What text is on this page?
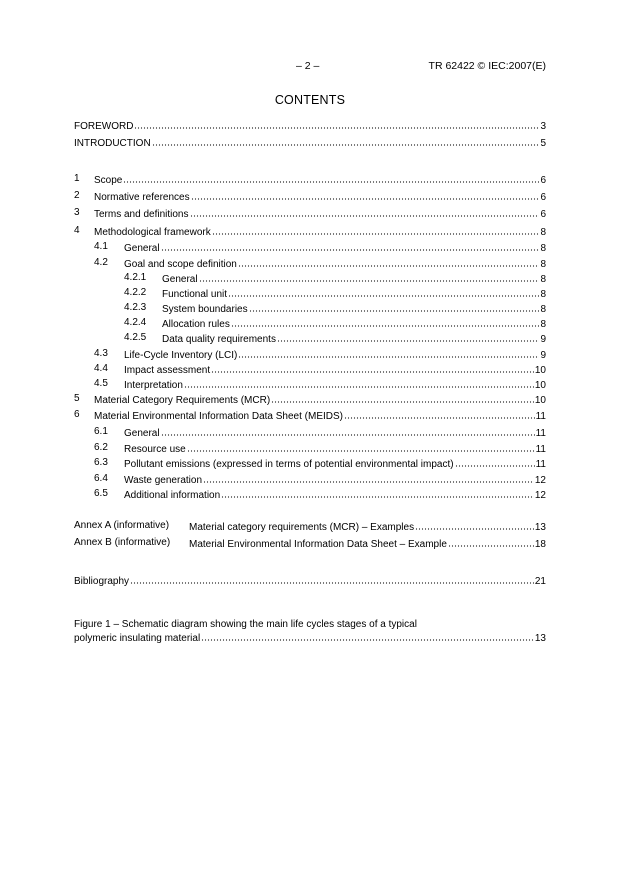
– 2 –	TR 62422 © IEC:2007(E)
CONTENTS
FOREWORD	3
INTRODUCTION	5
1 Scope	6
2 Normative references	6
3 Terms and definitions	6
4 Methodological framework	8
4.1 General	8
4.2 Goal and scope definition	8
4.2.1 General	8
4.2.2 Functional unit	8
4.2.3 System boundaries	8
4.2.4 Allocation rules	8
4.2.5 Data quality requirements	9
4.3 Life-Cycle Inventory (LCI)	9
4.4 Impact assessment	10
4.5 Interpretation	10
5 Material Category Requirements (MCR)	10
6 Material Environmental Information Data Sheet (MEIDS)	11
6.1 General	11
6.2 Resource use	11
6.3 Pollutant emissions (expressed in terms of potential environmental impact)	11
6.4 Waste generation	12
6.5 Additional information	12
Annex A (informative) Material category requirements (MCR) – Examples	13
Annex B (informative) Material Environmental Information Data Sheet – Example	18
Bibliography	21
Figure 1 – Schematic diagram showing the main life cycles stages of a typical
polymeric insulating material	13
